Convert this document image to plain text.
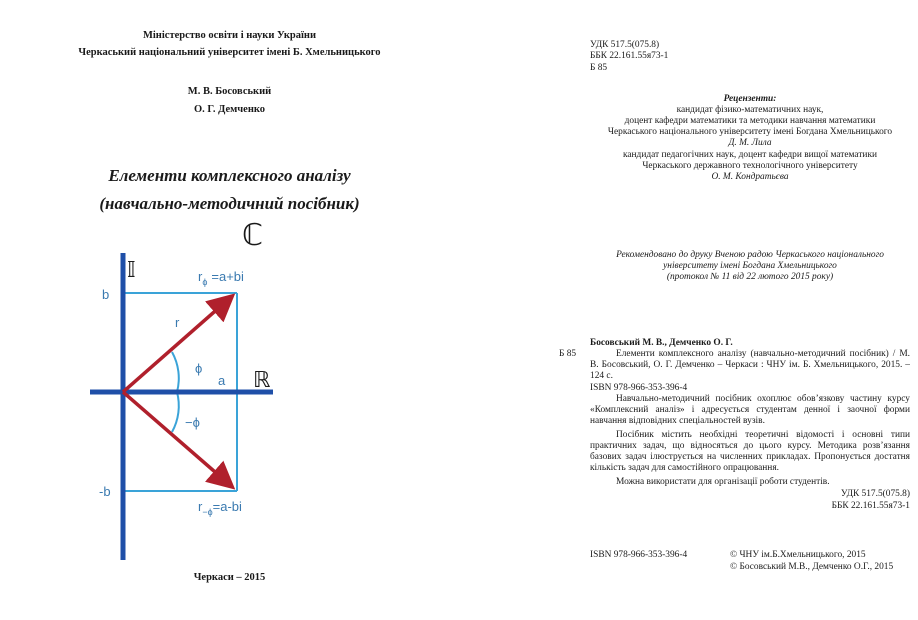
Міністерство освіти і науки України
Черкаський національний університет імені Б. Хмельницького
М. В. Босовський
О. Г. Демченко
Елементи комплексного аналізу
(навчально-методичний посібник)
𝕀
ℂ
ℝ
b
-b
a
r
ϕ
−ϕ
$r_\phi =a+bi$
$r_{-\phi}=a-bi$
Черкаси – 2015
УДК 517.5(075.8)
ББК 22.161.55я73-1
Б 85
Рецензенти:
кандидат фізико-математичних наук,
доцент кафедри математики та методики навчання математики
Черкаського національного університету імені Богдана Хмельницького
Д. М. Лила
кандидат педагогічних наук, доцент кафедри вищої математики
Черкаського державного технологічного університету
О. М. Кондратьєва
Рекомендовано до друку Вченою радою Черкаського національного
університету імені Богдана Хмельницького
(протокол № 11 від 22 лютого 2015 року)
Босовський М. В., Демченко О. Г.
Б 85	Елементи комплексного аналізу (навчально-методичний посібник) / М. В. Босовський, О. Г. Демченко – Черкаси : ЧНУ ім. Б. Хмельницького, 2015. – 124 с.
ISBN 978-966-353-396-4
Навчально-методичний посібник охоплює обов’язкову частину курсу «Комплексний аналіз» і адресується студентам денної і заочної форми навчання відповідних спеціальностей вузів.
Посібник містить необхідні теоретичні відомості і основні типи практичних задач, що відносяться до цього курсу. Методика розв’язання базових задач ілюструється на численних прикладах. Пропонується достатня кількість задач для самостійного опрацювання.
Можна використати для організації роботи студентів.
УДК 517.5(075.8)
ББК 22.161.55я73-1
ISBN 978-966-353-396-4	© ЧНУ ім.Б.Хмельницького, 2015
© Босовський М.В., Демченко О.Г., 2015
